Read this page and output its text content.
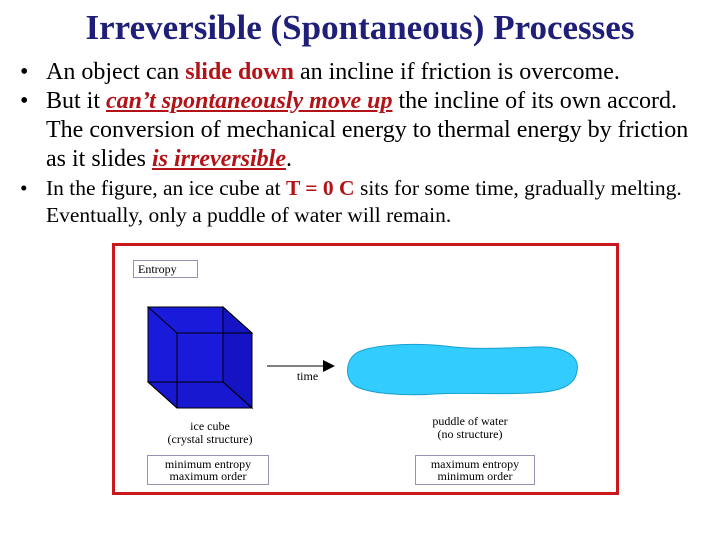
Irreversible (Spontaneous) Processes
• An object can slide down an incline if friction is overcome.
• But it can’t spontaneously move up the incline of its own accord. The conversion of mechanical energy to thermal energy by friction as it slides is irreversible.
• In the figure, an ice cube at T = 0 C sits for some time, gradually melting. Eventually, only a puddle of water will remain.
Entropy
time
ice cube
(crystal structure)
minimum entropy
maximum order
puddle of water
(no structure)
maximum entropy
minimum order
